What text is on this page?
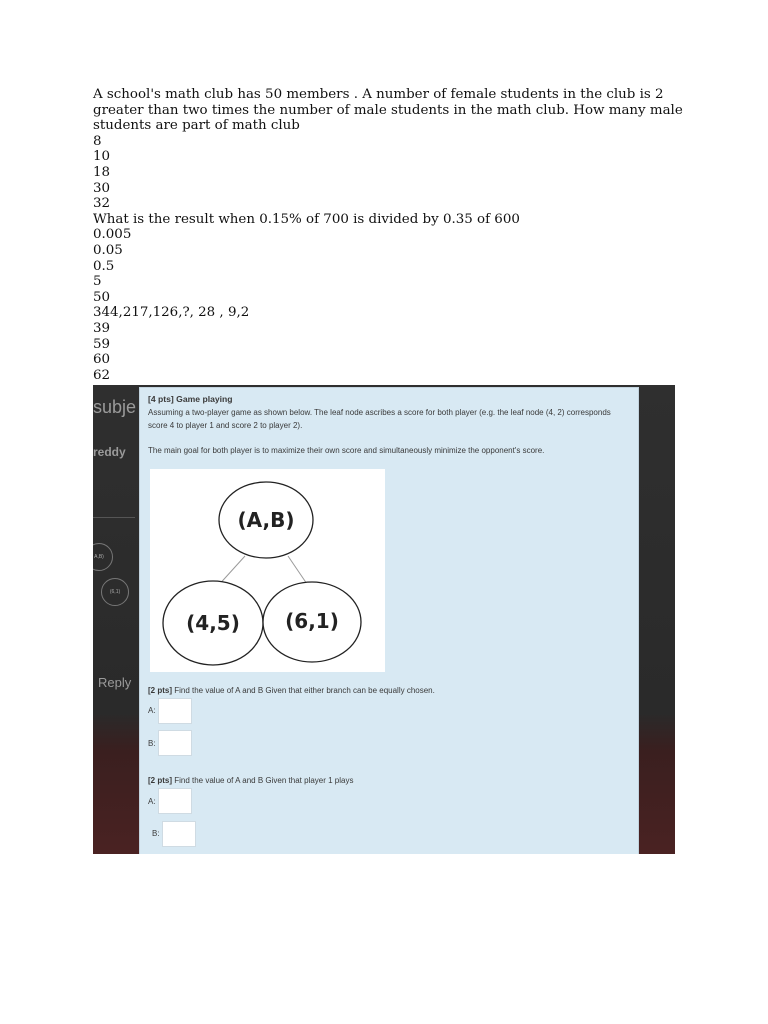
A school's math club has 50 members . A number of female students in the club is 2 greater than two times the number of male students in the math club. How many male students are part of math club
8
10
18
30
32
What is the result when 0.15% of 700 is divided by 0.35 of 600
0.005
0.05
0.5
5
50
344,217,126,?, 28 , 9,2
39
59
60
62
subje
reddy
A,B)
(6,1)
Reply
[4 pts] Game playing
Assuming a two-player game as shown below. The leaf node ascribes a score for both player (e.g. the leaf node (4, 2) corresponds score 4 to player 1 and score 2 to player 2).
The main goal for both player is to maximize their own score and simultaneously minimize the opponent's score.
(A,B)
(4,5) (6,1)
[2 pts] Find the value of A and B Given that either branch can be equally chosen.
A:
B:
[2 pts] Find the value of A and B Given that player 1 plays
A:
B:
